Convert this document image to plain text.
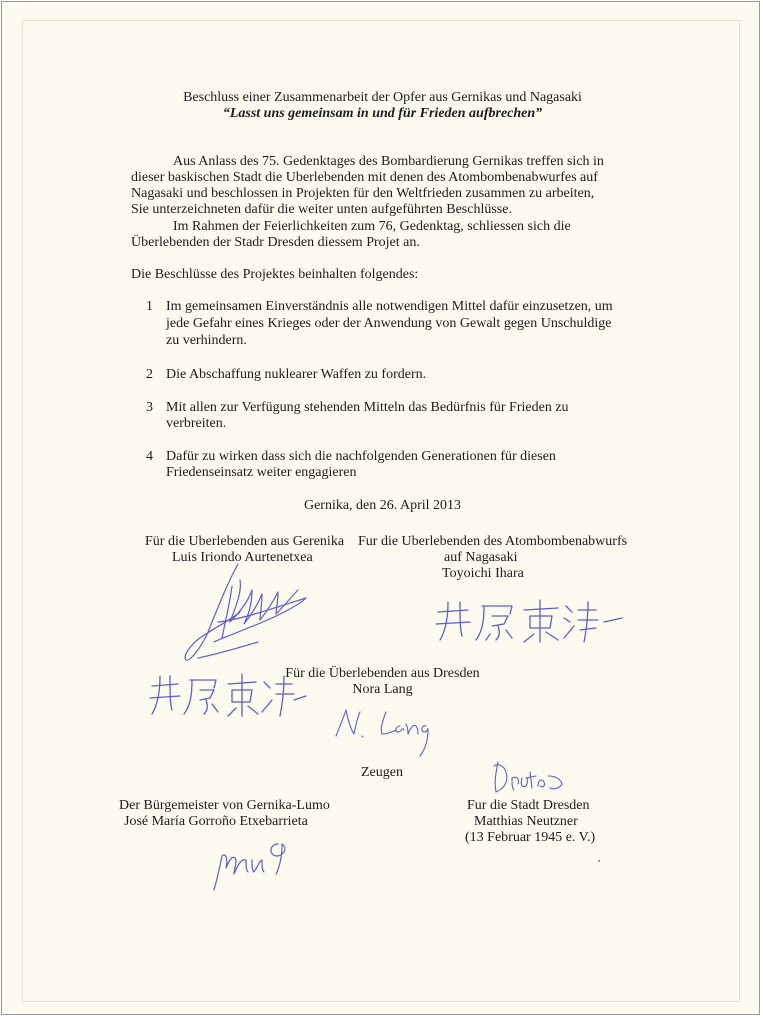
Beschluss einer Zusammenarbeit der Opfer aus Gernikas und Nagasaki
“Lasst uns gemeinsam in und für Frieden aufbrechen”
Aus Anlass des 75. Gedenktages des Bombardierung Gernikas treffen sich in
dieser baskischen Stadt die Uberlebenden mit denen des Atombombenabwurfes auf
Nagasaki und beschlossen in Projekten für den Weltfrieden zusammen zu arbeiten,
Sie unterzeichneten dafür die weiter unten aufgeführten Beschlüsse.
Im Rahmen der Feierlichkeiten zum 76, Gedenktag, schliessen sich die
Überlebenden der Stadr Dresden diessem Projet an.
Die Beschlüsse des Projektes beinhalten folgendes:
1 Im gemeinsamen Einverständnis alle notwendigen Mittel dafür einzusetzen, um
jede Gefahr eines Krieges oder der Anwendung von Gewalt gegen Unschuldige
zu verhindern.
2 Die Abschaffung nuklearer Waffen zu fordern.
3 Mit allen zur Verfügung stehenden Mitteln das Bedürfnis für Frieden zu
verbreiten.
4 Dafür zu wirken dass sich die nachfolgenden Generationen für diesen
Friedenseinsatz weiter engagieren
Gernika, den 26. April 2013
Für die Uberlebenden aus Gerenika
Luis Iriondo Aurtenetxea
Fur die Uberlebenden des Atombombenabwurfs
auf Nagasaki
Toyoichi Ihara
Für die Überlebenden aus Dresden
Nora Lang
Zeugen
Der Bürgemeister von Gernika-Lumo
José María Gorroño Etxebarrieta
Fur die Stadt Dresden
Matthias Neutzner
(13 Februar 1945 e. V.)
